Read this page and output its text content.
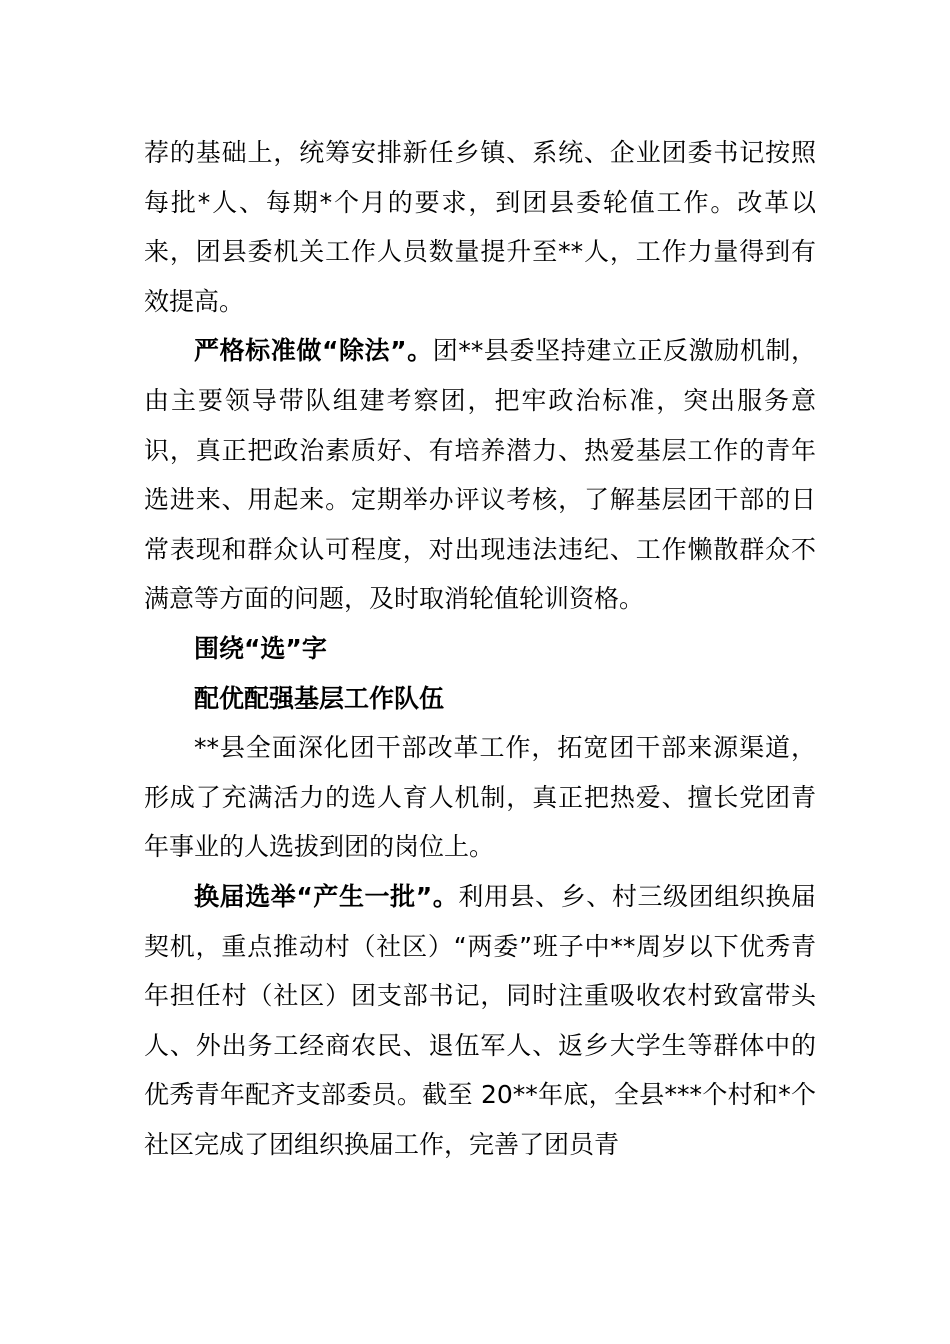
荐的基础上，统筹安排新任乡镇、系统、企业团委书记按照每批*人、每期*个月的要求，到团县委轮值工作。改革以来，团县委机关工作人员数量提升至**人，工作力量得到有效提高。

严格标准做“除法”。团**县委坚持建立正反激励机制，由主要领导带队组建考察团，把牢政治标准，突出服务意识，真正把政治素质好、有培养潜力、热爱基层工作的青年选进来、用起来。定期举办评议考核，了解基层团干部的日常表现和群众认可程度，对出现违法违纪、工作懒散群众不满意等方面的问题，及时取消轮值轮训资格。

围绕“选”字

配优配强基层工作队伍

**县全面深化团干部改革工作，拓宽团干部来源渠道，形成了充满活力的选人育人机制，真正把热爱、擅长党团青年事业的人选拔到团的岗位上。

换届选举“产生一批”。利用县、乡、村三级团组织换届契机，重点推动村（社区）“两委”班子中**周岁以下优秀青年担任村（社区）团支部书记，同时注重吸收农村致富带头人、外出务工经商农民、退伍军人、返乡大学生等群体中的优秀青年配齐支部委员。截至 20**年底，全县***个村和*个社区完成了团组织换届工作，完善了团员青
